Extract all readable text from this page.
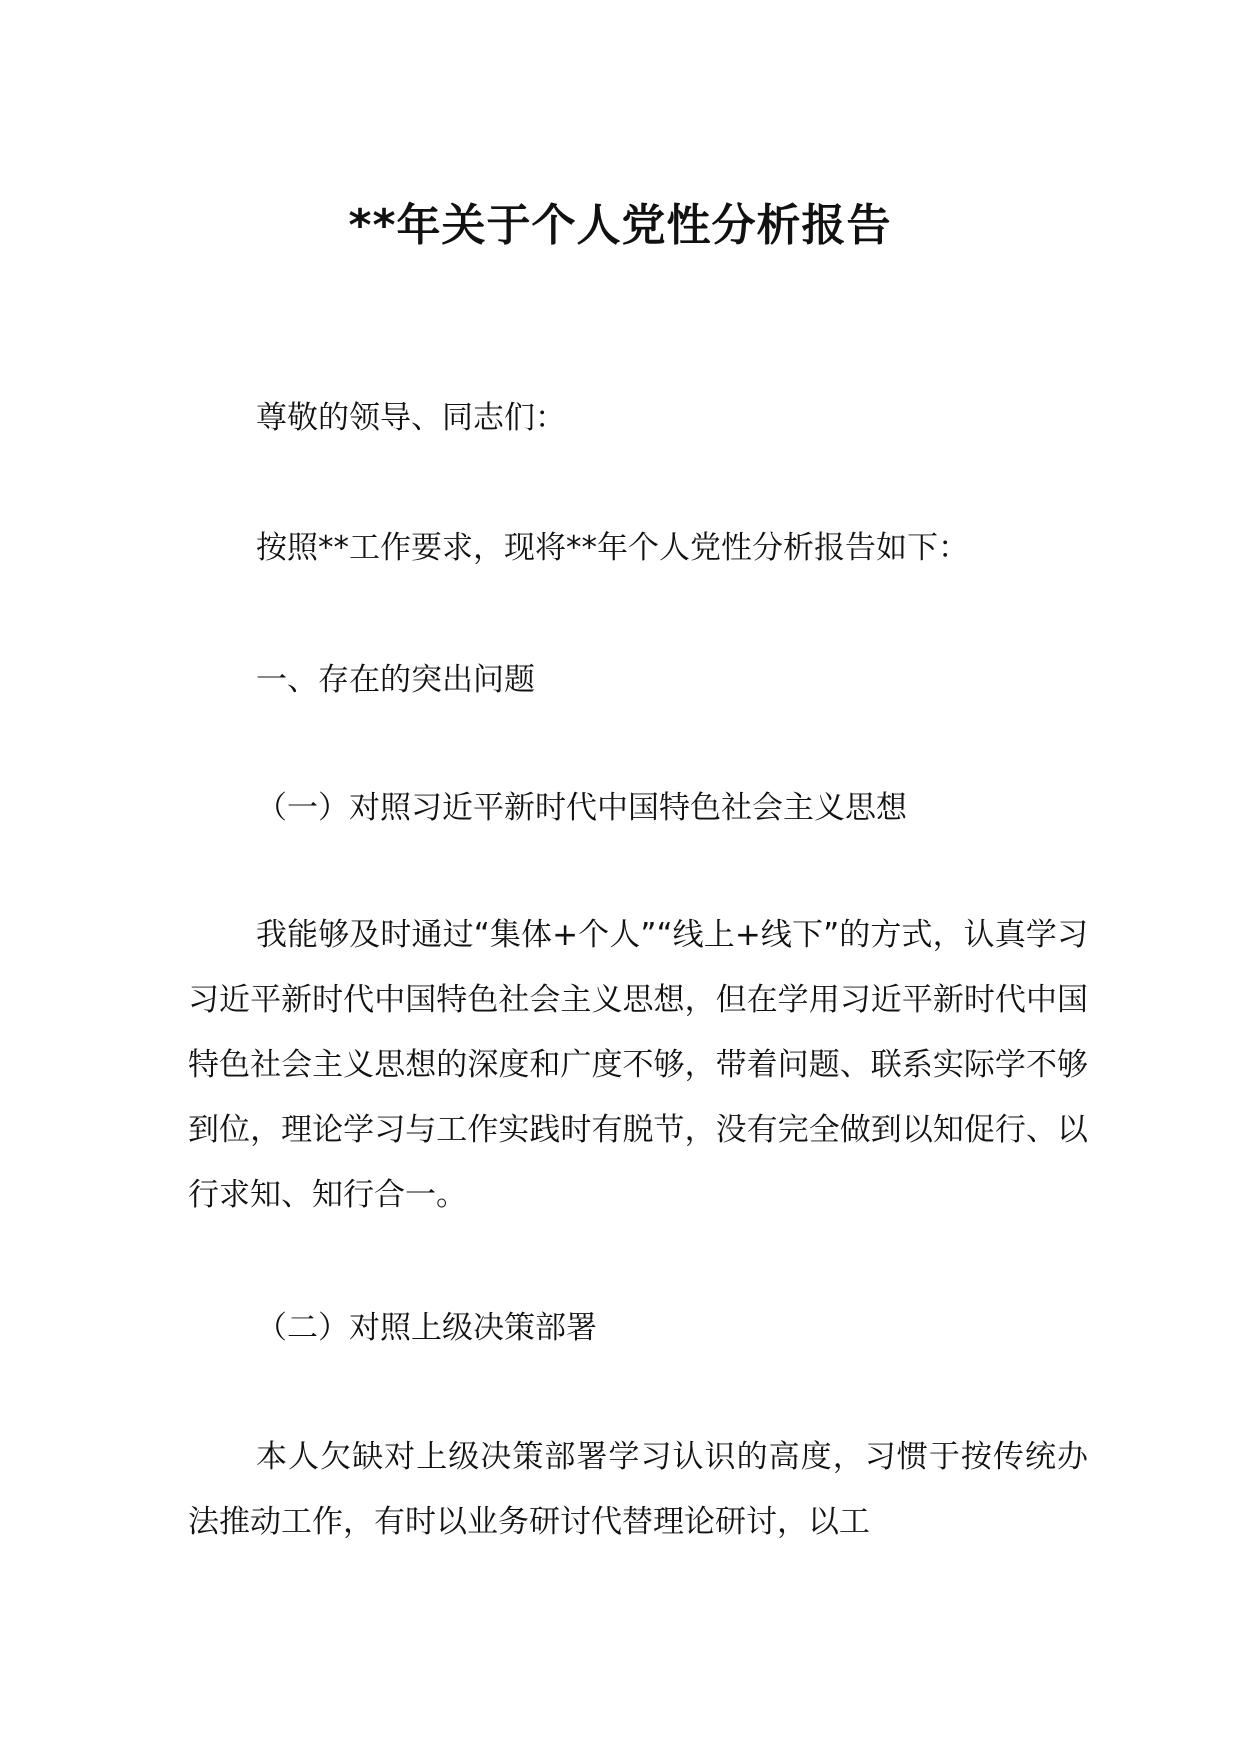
**年关于个人党性分析报告

尊敬的领导、同志们：

按照**工作要求，现将**年个人党性分析报告如下：

一、存在的突出问题

（一）对照习近平新时代中国特色社会主义思想

我能够及时通过“集体+个人”“线上+线下”的方式，认真学习习近平新时代中国特色社会主义思想，但在学用习近平新时代中国特色社会主义思想的深度和广度不够，带着问题、联系实际学不够到位，理论学习与工作实践时有脱节，没有完全做到以知促行、以行求知、知行合一。

（二）对照上级决策部署

本人欠缺对上级决策部署学习认识的高度，习惯于按传统办法推动工作，有时以业务研讨代替理论研讨，以工
